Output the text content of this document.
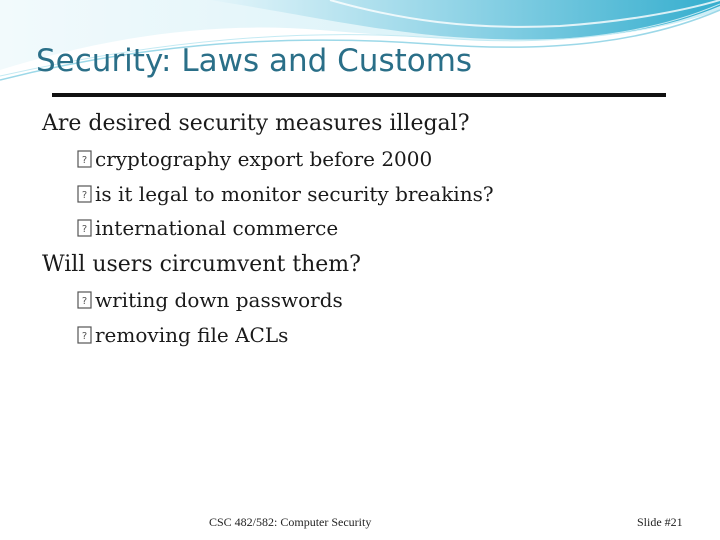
Security: Laws and Customs

Are desired security measures illegal?

? cryptography export before 2000

? is it legal to monitor security breakins?

? international commerce

Will users circumvent them?

? writing down passwords

? removing file ACLs

CSC 482/582: Computer Security	Slide #21
